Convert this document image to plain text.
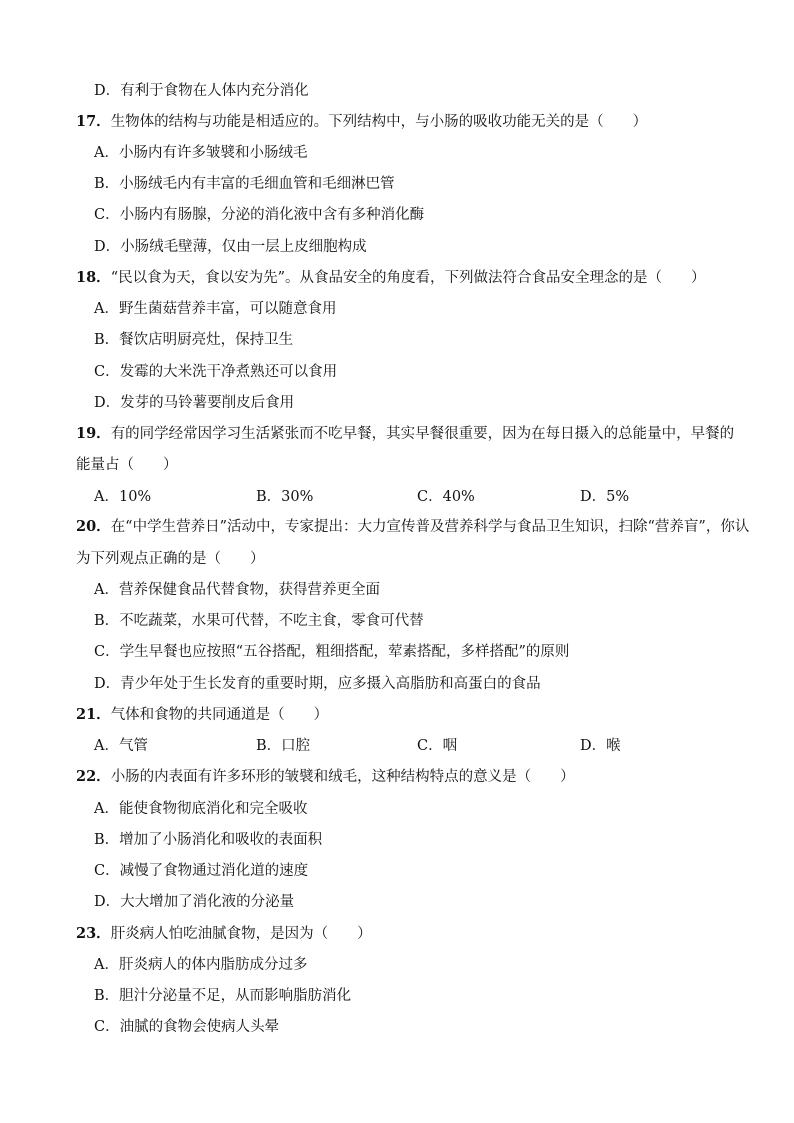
D．有利于食物在人体内充分消化
17．生物体的结构与功能是相适应的。下列结构中，与小肠的吸收功能无关的是（　　）
A．小肠内有许多皱襞和小肠绒毛
B．小肠绒毛内有丰富的毛细血管和毛细淋巴管
C．小肠内有肠腺，分泌的消化液中含有多种消化酶
D．小肠绒毛壁薄，仅由一层上皮细胞构成
18．“民以食为天，食以安为先”。从食品安全的角度看，下列做法符合食品安全理念的是（　　）
A．野生菌菇营养丰富，可以随意食用
B．餐饮店明厨亮灶，保持卫生
C．发霉的大米洗干净煮熟还可以食用
D．发芽的马铃薯要削皮后食用
19．有的同学经常因学习生活紧张而不吃早餐，其实早餐很重要，因为在每日摄入的总能量中，早餐的
能量占（　　）
A．10%	B．30%	C．40%	D．5%
20．在“中学生营养日”活动中，专家提出：大力宣传普及营养科学与食品卫生知识，扫除“营养盲”，你认
为下列观点正确的是（　　）
A．营养保健食品代替食物，获得营养更全面
B．不吃蔬菜，水果可代替，不吃主食，零食可代替
C．学生早餐也应按照“五谷搭配，粗细搭配，荤素搭配，多样搭配”的原则
D．青少年处于生长发育的重要时期，应多摄入高脂肪和高蛋白的食品
21．气体和食物的共同通道是（　　）
A．气管	B．口腔	C．咽	D．喉
22．小肠的内表面有许多环形的皱襞和绒毛，这种结构特点的意义是（　　）
A．能使食物彻底消化和完全吸收
B．增加了小肠消化和吸收的表面积
C．减慢了食物通过消化道的速度
D．大大增加了消化液的分泌量
23．肝炎病人怕吃油腻食物，是因为（　　）
A．肝炎病人的体内脂肪成分过多
B．胆汁分泌量不足，从而影响脂肪消化
C．油腻的食物会使病人头晕
